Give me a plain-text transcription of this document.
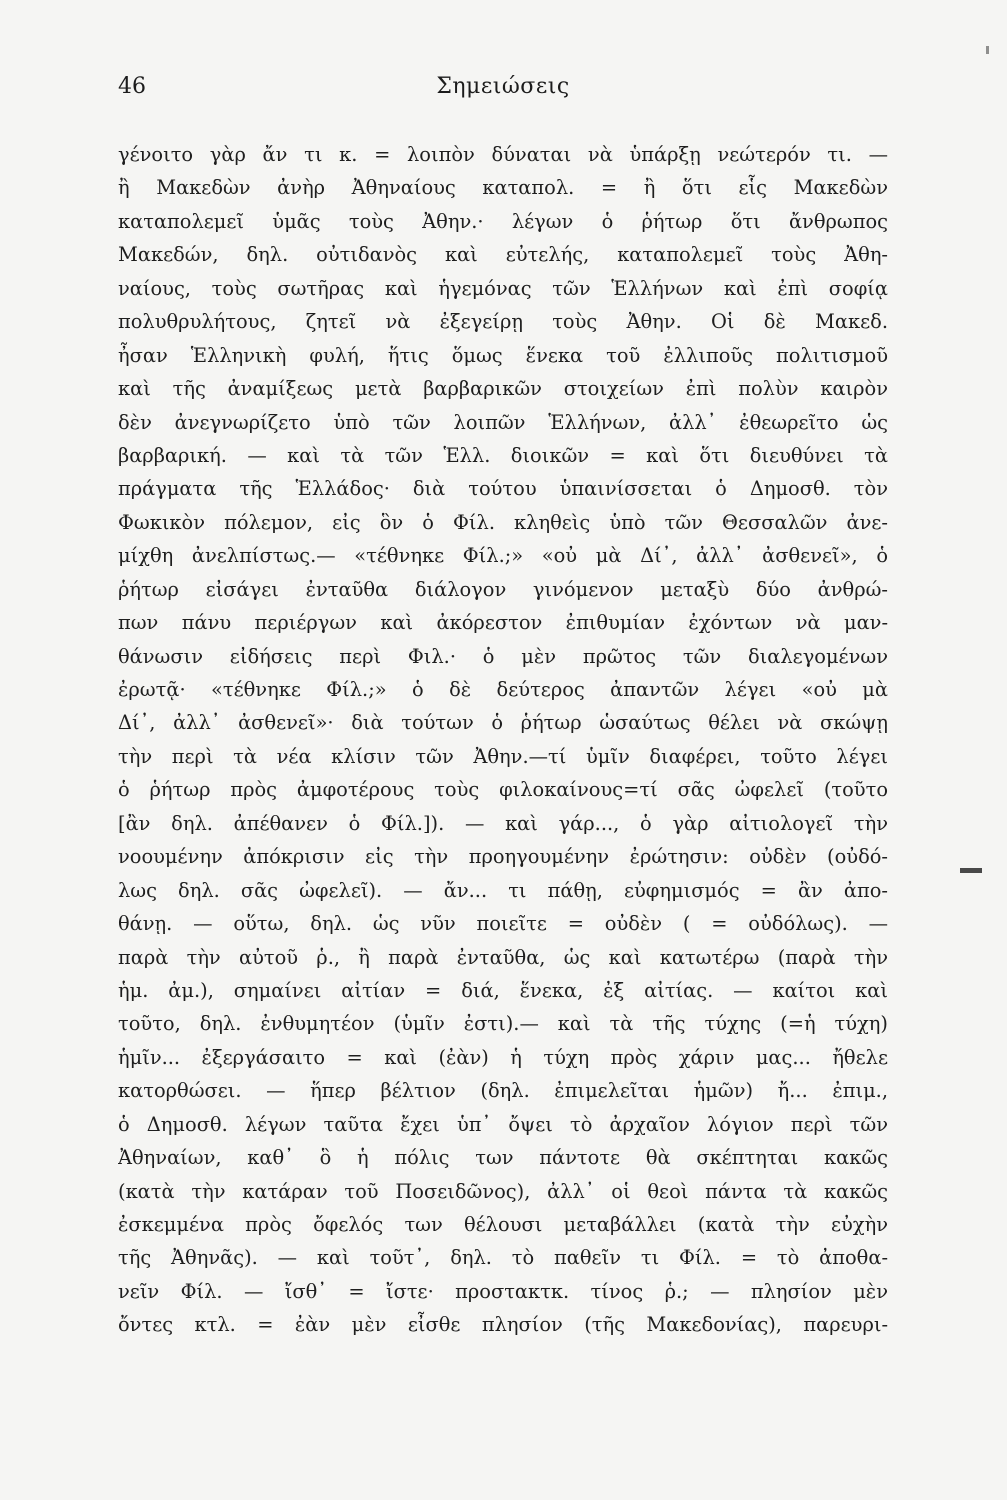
46	Σημειώσεις
γένοιτο γὰρ ἄν τι κ. = λοιπὸν δύναται νὰ ὑπάρξῃ νεώτερόν τι. —
ἢ Μακεδὼν ἀνὴρ Ἀθηναίους καταπολ. = ἢ ὅτι εἷς Μακεδὼν
καταπολεμεῖ ὑμᾶς τοὺς Ἀθην.· λέγων ὁ ῥήτωρ ὅτι ἄνθρωπος
Μακεδών, δηλ. οὐτιδανὸς καὶ εὐτελής, καταπολεμεῖ τοὺς Ἀθη-
ναίους, τοὺς σωτῆρας καὶ ἡγεμόνας τῶν Ἑλλήνων καὶ ἐπὶ σοφίᾳ
πολυθρυλήτους, ζητεῖ νὰ ἐξεγείρῃ τοὺς Ἀθην. Οἱ δὲ Μακεδ.
ἦσαν Ἑλληνικὴ φυλή, ἥτις ὅμως ἕνεκα τοῦ ἐλλιποῦς πολιτισμοῦ
καὶ τῆς ἀναμίξεως μετὰ βαρβαρικῶν στοιχείων ἐπὶ πολὺν καιρὸν
δὲν ἀνεγνωρίζετο ὑπὸ τῶν λοιπῶν Ἑλλήνων, ἀλλ᾽ ἐθεωρεῖτο ὡς
βαρβαρική. — καὶ τὰ τῶν Ἑλλ. διοικῶν = καὶ ὅτι διευθύνει τὰ
πράγματα τῆς Ἑλλάδος· διὰ τούτου ὑπαινίσσεται ὁ Δημοσθ. τὸν
Φωκικὸν πόλεμον, εἰς ὃν ὁ Φίλ. κληθεὶς ὑπὸ τῶν Θεσσαλῶν ἀνε-
μίχθη ἀνελπίστως.— «τέθνηκε Φίλ.;» «οὐ μὰ Δί᾽, ἀλλ᾽ ἀσθενεῖ», ὁ
ῥήτωρ εἰσάγει ἐνταῦθα διάλογον γινόμενον μεταξὺ δύο ἀνθρώ-
πων πάνυ περιέργων καὶ ἀκόρεστον ἐπιθυμίαν ἐχόντων νὰ μαν-
θάνωσιν εἰδήσεις περὶ Φιλ.· ὁ μὲν πρῶτος τῶν διαλεγομένων
ἐρωτᾷ· «τέθνηκε Φίλ.;» ὁ δὲ δεύτερος ἀπαντῶν λέγει «οὐ μὰ
Δί᾽, ἀλλ᾽ ἀσθενεῖ»· διὰ τούτων ὁ ῥήτωρ ὡσαύτως θέλει νὰ σκώψῃ
τὴν περὶ τὰ νέα κλίσιν τῶν Ἀθην.—τί ὑμῖν διαφέρει, τοῦτο λέγει
ὁ ῥήτωρ πρὸς ἀμφοτέρους τοὺς φιλοκαίνους=τί σᾶς ὠφελεῖ (τοῦτο
[ἂν δηλ. ἀπέθανεν ὁ Φίλ.]). — καὶ γάρ..., ὁ γὰρ αἰτιολογεῖ τὴν
νοουμένην ἀπόκρισιν εἰς τὴν προηγουμένην ἐρώτησιν: οὐδὲν (οὐδό-
λως δηλ. σᾶς ὠφελεῖ). — ἄν... τι πάθῃ, εὐφημισμός = ἂν ἀπο-
θάνῃ. — οὕτω, δηλ. ὡς νῦν ποιεῖτε = οὐδὲν ( = οὐδόλως). —
παρὰ τὴν αὐτοῦ ῥ., ἢ παρὰ ἐνταῦθα, ὡς καὶ κατωτέρω (παρὰ τὴν
ἡμ. ἀμ.), σημαίνει αἰτίαν = διά, ἕνεκα, ἐξ αἰτίας. — καίτοι καὶ
τοῦτο, δηλ. ἐνθυμητέον (ὑμῖν ἐστι).— καὶ τὰ τῆς τύχης (=ἡ τύχη)
ἡμῖν... ἐξεργάσαιτο = καὶ (ἐὰν) ἡ τύχη πρὸς χάριν μας... ἤθελε
κατορθώσει. — ἥπερ βέλτιον (δηλ. ἐπιμελεῖται ἡμῶν) ἤ... ἐπιμ.,
ὁ Δημοσθ. λέγων ταῦτα ἔχει ὑπ᾽ ὄψει τὸ ἀρχαῖον λόγιον περὶ τῶν
Ἀθηναίων, καθ᾽ ὃ ἡ πόλις των πάντοτε θὰ σκέπτηται κακῶς
(κατὰ τὴν κατάραν τοῦ Ποσειδῶνος), ἀλλ᾽ οἱ θεοὶ πάντα τὰ κακῶς
ἐσκεμμένα πρὸς ὄφελός των θέλουσι μεταβάλλει (κατὰ τὴν εὐχὴν
τῆς Ἀθηνᾶς). — καὶ τοῦτ᾽, δηλ. τὸ παθεῖν τι Φίλ. = τὸ ἀποθα-
νεῖν Φίλ. — ἴσθ᾽ = ἴστε· προστακτκ. τίνος ῥ.; — πλησίον μὲν
ὄντες κτλ. = ἐὰν μὲν εἶσθε πλησίον (τῆς Μακεδονίας), παρευρι-
